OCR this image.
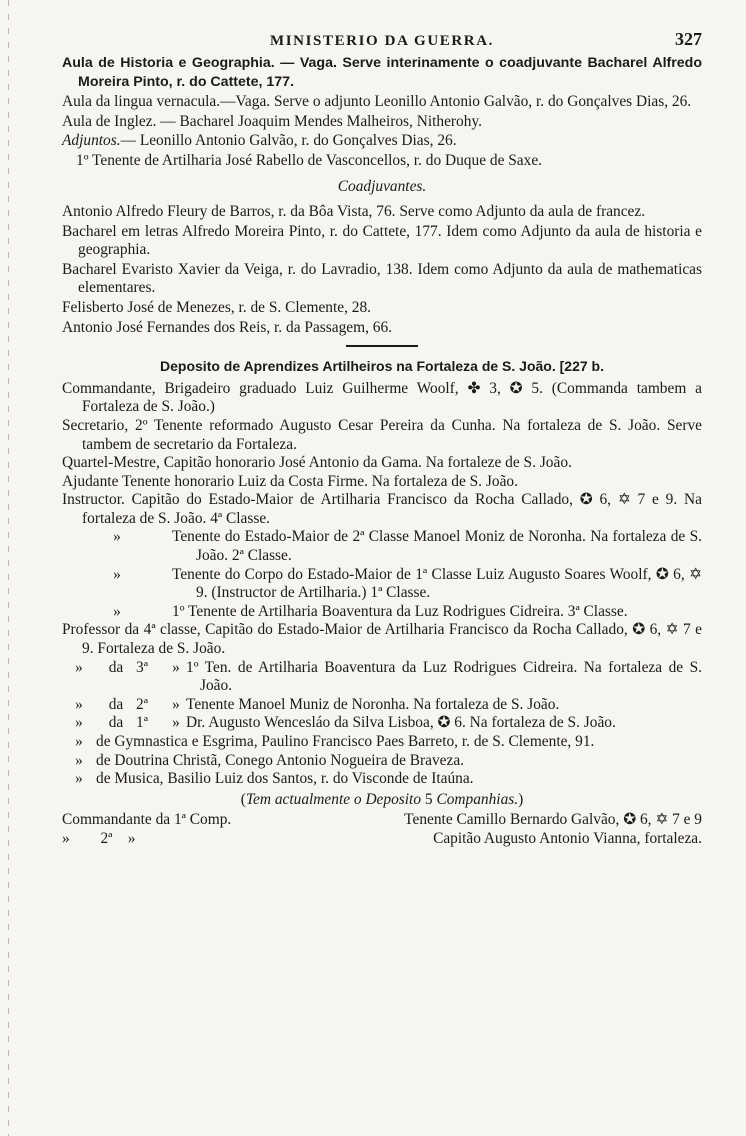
MINISTERIO DA GUERRA.	327

Aula de Historia e Geographia. — Vaga. Serve interinamente o coadjuvante Bacharel Alfredo Moreira Pinto, r. do Cattete, 177.

Aula da lingua vernacula.—Vaga. Serve o adjunto Leonillo Antonio Galvão, r. do Gonçalves Dias, 26.

Aula de Inglez. — Bacharel Joaquim Mendes Malheiros, Nitherohy.

Adjuntos.— Leonillo Antonio Galvão, r. do Gonçalves Dias, 26.

1º Tenente de Artilharia José Rabello de Vasconcellos, r. do Duque de Saxe.

Coadjuvantes.

Antonio Alfredo Fleury de Barros, r. da Bôa Vista, 76. Serve como Adjunto da aula de francez.

Bacharel em letras Alfredo Moreira Pinto, r. do Cattete, 177. Idem como Adjunto da aula de historia e geographia.

Bacharel Evaristo Xavier da Veiga, r. do Lavradio, 138. Idem como Adjunto da aula de mathematicas elementares.

Felisberto José de Menezes, r. de S. Clemente, 28.

Antonio José Fernandes dos Reis, r. da Passagem, 66.

Deposito de Aprendizes Artilheiros na Fortaleza de S. João. [227 b.

Commandante, Brigadeiro graduado Luiz Guilherme Woolf, ✤ 3, ✪ 5. (Commanda tambem a Fortaleza de S. João.)

Secretario, 2º Tenente reformado Augusto Cesar Pereira da Cunha. Na fortaleza de S. João. Serve tambem de secretario da Fortaleza.

Quartel-Mestre, Capitão honorario José Antonio da Gama. Na fortaleze de S. João.

Ajudante Tenente honorario Luiz da Costa Firme. Na fortaleza de S. João.

Instructor. Capitão do Estado-Maior de Artilharia Francisco da Rocha Callado, ✪ 6, ✡ 7 e 9. Na fortaleza de S. João. 4ª Classe.

»	Tenente do Estado-Maior de 2ª Classe Manoel Moniz de Noronha. Na fortaleza de S. João. 2ª Classe.
»	Tenente do Corpo do Estado-Maior de 1ª Classe Luiz Augusto Soares Woolf, ✪ 6, ✡ 9. (Instructor de Artilharia.) 1ª Classe.
»	1º Tenente de Artilharia Boaventura da Luz Rodrigues Cidreira. 3ª Classe.

Professor da 4ª classe, Capitão do Estado-Maior de Artilharia Francisco da Rocha Callado, ✪ 6, ✡ 7 e 9. Fortaleza de S. João.

»	da 3ª	» 1º Ten. de Artilharia Boaventura da Luz Rodrigues Cidreira. Na fortaleza de S. João.
»	da 2ª	» Tenente Manoel Muniz de Noronha. Na fortaleza de S. João.
»	da 1ª	» Dr. Augusto Wencesláo da Silva Lisboa, ✪ 6. Na fortaleza de S. João.
» de Gymnastica e Esgrima, Paulino Francisco Paes Barreto, r. de S. Clemente, 91.
» de Doutrina Christã, Conego Antonio Nogueira de Braveza.
» de Musica, Basilio Luiz dos Santos, r. do Visconde de Itaúna.
(Tem actualmente o Deposito 5 Companhias.)
Commandante da 1ª Comp.	Tenente Camillo Bernardo Galvão, ✪ 6, ✡ 7 e 9
»        2ª    »	Capitão Augusto Antonio Vianna, fortaleza.
